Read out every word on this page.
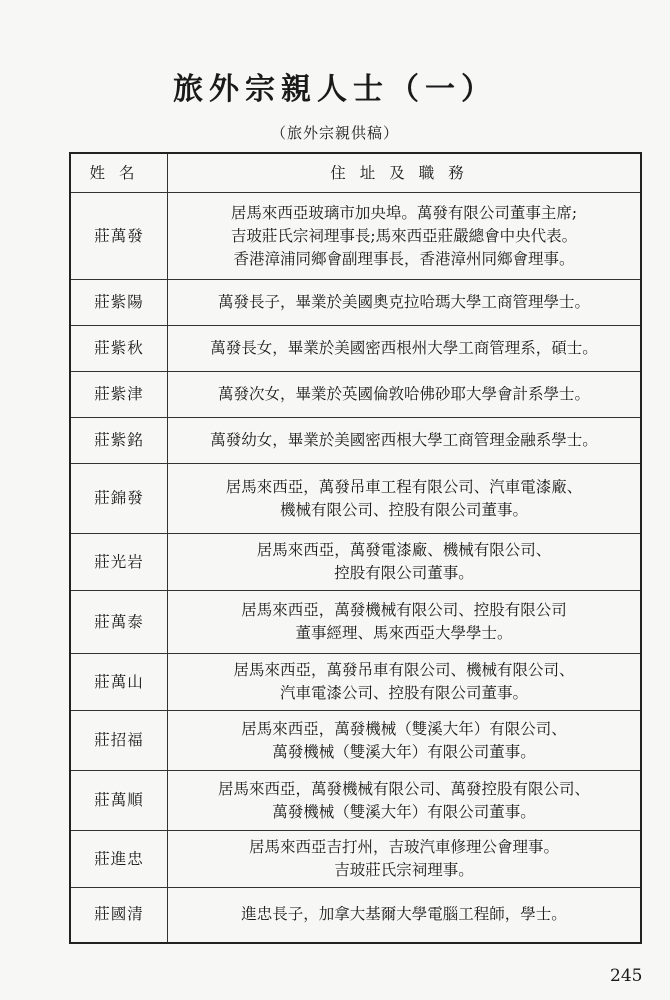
旅外宗親人士（一）
（旅外宗親供稿）
姓名	住址及職務
莊萬發	居馬來西亞玻璃市加央埠。萬發有限公司董事主席;
吉玻莊氏宗祠理事長;馬來西亞莊嚴總會中央代表。
香港漳浦同鄉會副理事長，香港漳州同鄉會理事。

莊紫陽	萬發長子，畢業於美國奧克拉哈瑪大學工商管理學士。

莊紫秋	萬發長女，畢業於美國密西根州大學工商管理系，碩士。

莊紫津	萬發次女，畢業於英國倫敦哈佛砂耶大學會計系學士。

莊紫銘	萬發幼女，畢業於美國密西根大學工商管理金融系學士。

莊錦發	居馬來西亞，萬發吊車工程有限公司、汽車電漆廠、
機械有限公司、控股有限公司董事。

莊光岩	居馬來西亞，萬發電漆廠、機械有限公司、
控股有限公司董事。

莊萬泰	居馬來西亞，萬發機械有限公司、控股有限公司
董事經理、馬來西亞大學學士。

莊萬山	居馬來西亞，萬發吊車有限公司、機械有限公司、
汽車電漆公司、控股有限公司董事。

莊招福	居馬來西亞，萬發機械（雙溪大年）有限公司、
萬發機械（雙溪大年）有限公司董事。

莊萬順	居馬來西亞，萬發機械有限公司、萬發控股有限公司、
萬發機械（雙溪大年）有限公司董事。

莊進忠	居馬來西亞吉打州，吉玻汽車修理公會理事。
吉玻莊氏宗祠理事。

莊國清	進忠長子，加拿大基爾大學電腦工程師，學士。
245
